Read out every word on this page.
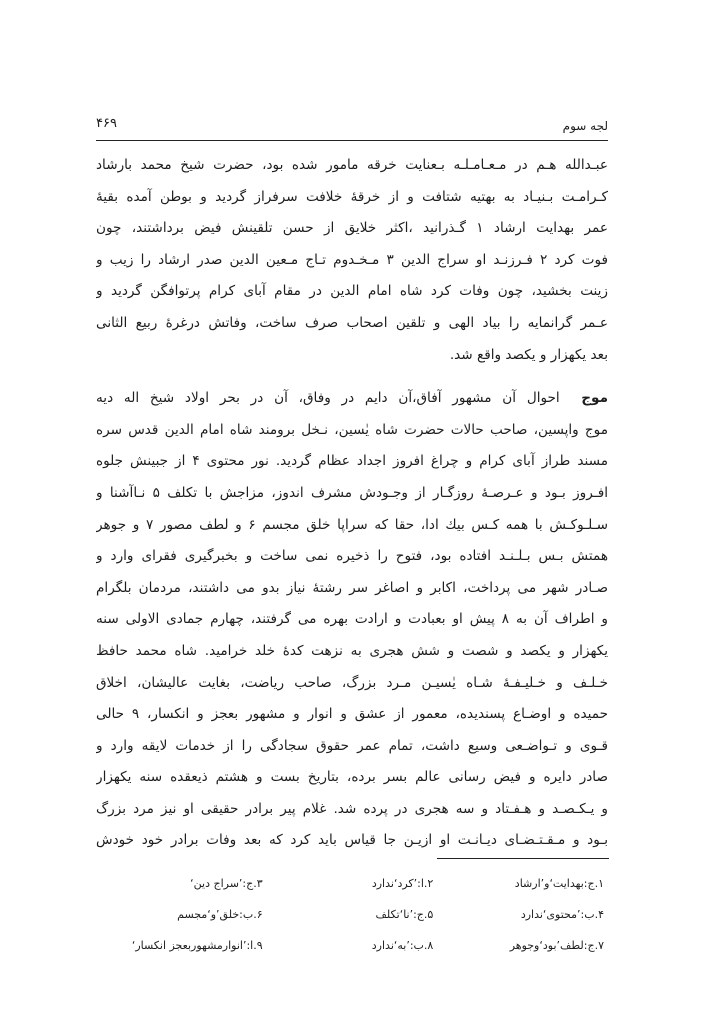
لجه سوم
۴۶۹
عبـدالله هـم در مـعـامـلـه بـعنایت خرقه مامور شده بود، حضرت شیخ محمد بارشاد
کـرامـت بـنیـاد به بهتیه شتافت و از خرقهٔ خلافت سرفراز گردید و بوطن آمده بقیهٔ
عمر بهدایت ارشاد ۱ گـذرانید ،اکثر خلایق از حسن تلقینش فیض برداشتند، چون
فوت کرد ۲ فـرزنـد او سراج الدین ۳ مـخـدوم تـاج مـعین الدین صدر ارشاد را زیب و
زینت بخشید، چون وفات کرد شاه امام الدین در مقام آبای کرام پرتوافگن گردید و
عـمر گرانمایه را بیاد الهی و تلقین اصحاب صرف ساخت، وفاتش درغرهٔ ربیع الثانی
بعد یکهزار و یکصد واقع شد.
موج  احوال آن مشهور آفاق،آن دایم در وفاق، آن در بحر اولاد شیخ اله دیه
موج واپسین، صاحب حالات حضرت شاه یٰسین، نـخل برومند شاه امام الدین قدس سره
مسند طراز آبای کرام و چراغ افروز اجداد عظام گردید. نور محتوی ۴ از جبینش جلوه
افـروز بـود و عـرصـهٔ روزگـار از وجـودش مشرف اندوز، مزاجش با تکلف ۵ نـاآشنا و
سـلـوکـش با همه کـس بیك ادا، حقا که سراپا خلق مجسم ۶ و لطف مصور ۷ و جوهر
همتش بـس بـلـنـد افتاده بود، فتوح را ذخیره نمی ساخت و بخبرگیری فقرای وارد و
صـادر شهر می پرداخت، اکابر و اصاغر سر رشتهٔ نیاز بدو می داشتند، مردمان بلگرام
و اطراف آن به ۸ پیش او بعبادت و ارادت بهره می گرفتند، چهارم جمادی الاولی سنه
یکهزار و یکصد و شصت و شش هجری به نزهت کدهٔ خلد خرامید. شاه محمد حافظ
خـلـف و خـلیـفـهٔ شـاه یٰسیـن مـرد بزرگ، صاحب ریاضت، بغایت عالیشان، اخلاق
حمیده و اوضـاع پسندیده، معمور از عشق و انوار و مشهور بعجز و انکسار، ۹ حالی
قـوی و تـواضـعی وسیع داشت، تمام عمر حقوق سجادگی را از خدمات لایقه وارد و
صادر دایره و فیض رسانی عالم بسر برده، بتاریخ بست و هشتم ذیعقده سنه یکهزار
و یـکـصـد و هـفـتاد و سه هجری در پرده شد. غلام پیر برادر حقیقی او نیز مرد بزرگ
بـود و مـقـتـضـای دیـانـت او ازیـن جا قیاس باید کرد که بعد وفات برادر خود خودش
۱.ج:بهدایت‘و’ارشاد
۲.ا:’کرد‘ندارد
۳.ج:’سراج دین‘
۴.ب:’محتوی‘ندارد
۵.ج:’نا‘تکلف
۶.ب:خلق’و‘مجسم
۷.ج:لطف’بود‘وجوهر
۸.ب:’به‘ندارد
۹.ا:’انوارمشهوربعجز انکسار‘
